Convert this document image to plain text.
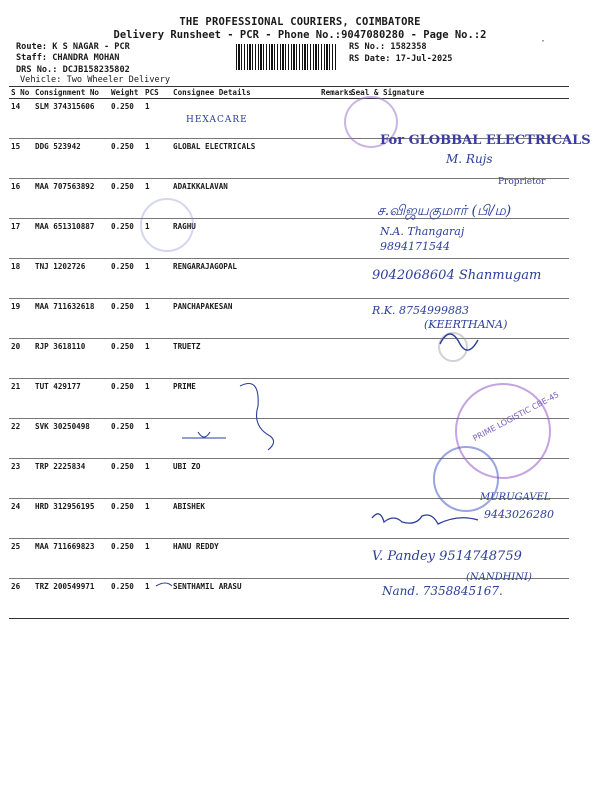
THE PROFESSIONAL COURIERS, COIMBATORE
Delivery Runsheet - PCR - Phone No.:9047080280 - Page No.:2
Route: K S NAGAR - PCR
Staff: CHANDRA MOHAN
DRS No.: DCJB158235802
Vehicle: Two Wheeler Delivery
RS No.: 1582358
RS Date: 17-Jul-2025
·
S No	Consignment No	Weight	PCS	Consignee Details	Remarks	Seal & Signature
14	SLM 374315606	0.250	1			
15	DDG 523942	0.250	1	GLOBAL ELECTRICALS		
16	MAA 707563892	0.250	1	ADAIKKALAVAN		
17	MAA 651310887	0.250	1	RAGHU		
18	TNJ 1202726	0.250	1	RENGARAJAGOPAL		
19	MAA 711632618	0.250	1	PANCHAPAKESAN		
20	RJP 3618110	0.250	1	TRUETZ		
21	TUT 429177	0.250	1	PRIME		
22	SVK 30250498	0.250	1			
23	TRP 2225834	0.250	1	UBI ZO		
24	HRD 312956195	0.250	1	ABISHEK		
25	MAA 711669823	0.250	1	HANU REDDY		
26	TRZ 200549971	0.250	1	SENTHAMIL ARASU		
PRIME LOGISTIC CBE-45
HEXACARE
For GLOBBAL ELECTRICALS
M. Rujs
Proprietor
ச.விஜயகுமார் (பி/ம)
N.A. Thangaraj
9894171544
9042068604 Shanmugam
R.K. 8754999883
(KEERTHANA)
MURUGAVEL
9443026280
V. Pandey 9514748759
(NANDHINI)
Nand. 7358845167.
